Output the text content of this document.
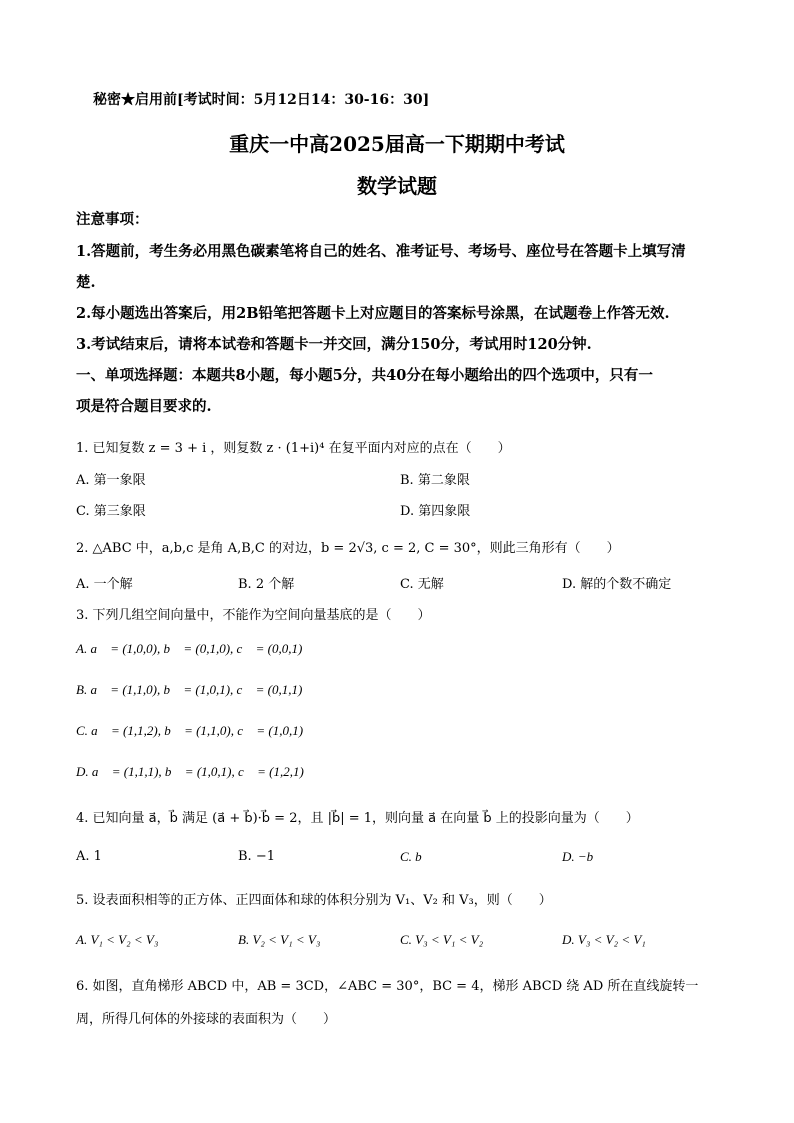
秘密★启用前[考试时间：5月12日14：30-16：30]
重庆一中高2025届高一下期期中考试
数学试题
注意事项：
1.答题前，考生务必用黑色碳素笔将自己的姓名、准考证号、考场号、座位号在答题卡上填写清
楚.
2.每小题选出答案后，用2B铅笔把答题卡上对应题目的答案标号涂黑，在试题卷上作答无效.
3.考试结束后，请将本试卷和答题卡一并交回，满分150分，考试用时120分钟.
一、单项选择题：本题共8小题，每小题5分，共40分在每小题给出的四个选项中，只有一
项是符合题目要求的.
1. 已知复数 z = 3 + i ，则复数 z · (1+i)⁴ 在复平面内对应的点在（　　）
A. 第一象限	B. 第二象限
C. 第三象限	D. 第四象限
2. △ABC 中，a,b,c 是角 A,B,C 的对边，b = 2√3, c = 2, C = 30°，则此三角形有（　　）
A. 一个解	B. 2 个解	C. 无解	D. 解的个数不确定
3. 下列几组空间向量中，不能作为空间向量基底的是（　　）
A. a⃗ = (1,0,0), b⃗ = (0,1,0), c⃗ = (0,0,1)
B. a⃗ = (1,1,0), b⃗ = (1,0,1), c⃗ = (0,1,1)
C. a⃗ = (1,1,2), b⃗ = (1,1,0), c⃗ = (1,0,1)
D. a⃗ = (1,1,1), b⃗ = (1,0,1), c⃗ = (1,2,1)
4. 已知向量 a⃗，b⃗ 满足 (a⃗ + b⃗)·b⃗ = 2，且 |b⃗| = 1，则向量 a⃗ 在向量 b⃗ 上的投影向量为（　　）
A. 1	B. −1	C. b⃗	D. −b⃗
5. 设表面积相等的正方体、正四面体和球的体积分别为 V₁、V₂ 和 V₃，则（　　）
A. V₁ < V₂ < V₃	B. V₂ < V₁ < V₃	C. V₃ < V₁ < V₂	D. V₃ < V₂ < V₁
6. 如图，直角梯形 ABCD 中，AB = 3CD，∠ABC = 30°，BC = 4，梯形 ABCD 绕 AD 所在直线旋转一
周，所得几何体的外接球的表面积为（　　）
